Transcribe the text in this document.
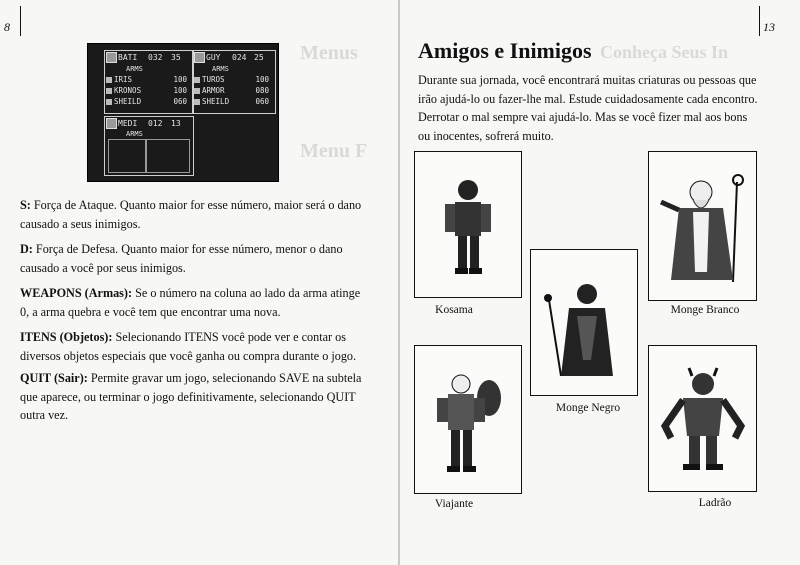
Menus
Menu F
Conheça Seus In
8	13
BATI 032 35
ARMS
IRIS	100
KRONOS	100
SHEILD	060
GUY 024 25
ARMS
TUROS	100
ARMOR	080
SHEILD	060
MEDI 012 13
ARMS
S: Força de Ataque. Quanto maior for esse número, maior será o dano causado a seus inimigos.
D: Força de Defesa. Quanto maior for esse número, menor o dano causado a você por seus inimigos.
WEAPONS (Armas): Se o número na coluna ao lado da arma atinge 0, a arma quebra e você tem que encontrar uma nova.
ITENS (Objetos): Selecionando ITENS você pode ver e contar os diversos objetos especiais que você ganha ou compra durante o jogo.
QUIT (Sair): Permite gravar um jogo, selecionando SAVE na subtela que aparece, ou terminar o jogo definitivamente, selecionando QUIT outra vez.
Amigos e Inimigos
Durante sua jornada, você encontrará muitas criaturas ou pessoas que irão ajudá-lo ou fazer-lhe mal. Estude cuidadosamente cada encontro. Derrotar o mal sempre vai ajudá-lo. Mas se você fizer mal aos bons ou inocentes, sofrerá muito.
Kosama
Monge Negro
Monge Branco
Viajante	Ladrão
